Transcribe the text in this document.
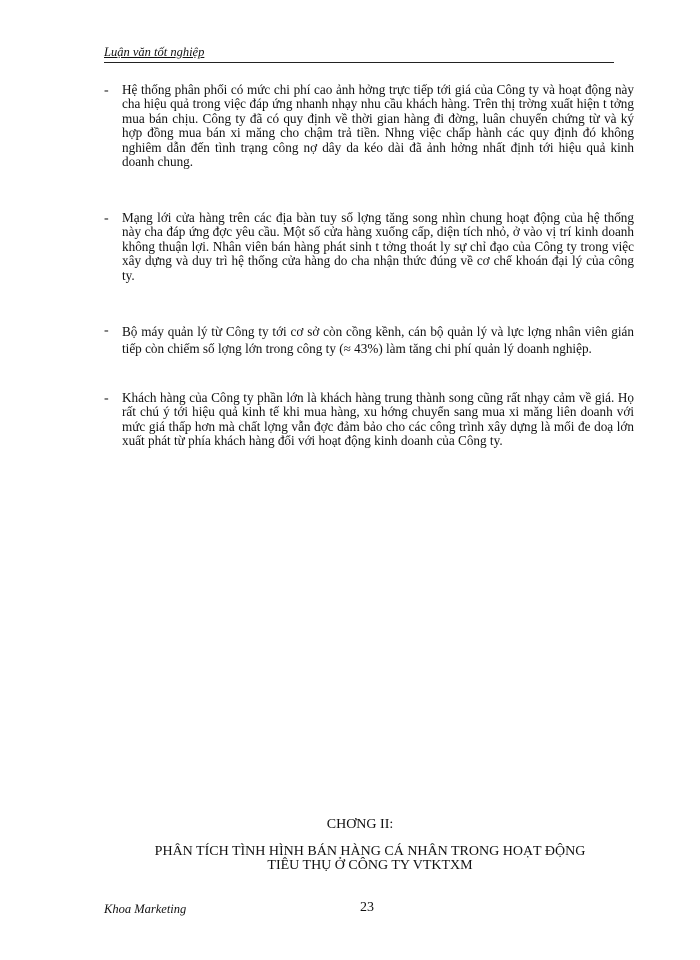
Luận văn tốt nghiệp
- Hệ thống phân phối có mức chi phí cao ảnh hởng trực tiếp tới giá của Công ty và hoạt động này cha hiệu quả trong việc đáp ứng nhanh nhạy nhu cầu khách hàng. Trên thị trờng xuất hiện t tởng mua bán chịu. Công ty đã có quy định về thời gian hàng đi đờng, luân chuyển chứng từ và ký hợp đồng mua bán xi măng cho chậm trả tiền. Nhng việc chấp hành các quy định đó không nghiêm dẫn đến tình trạng công nợ dây da kéo dài đã ảnh hởng nhất định tới hiệu quả kinh doanh chung.
- Mạng lới cửa hàng trên các địa bàn tuy số lợng tăng song nhìn chung hoạt động của hệ thống này cha đáp ứng đợc yêu cầu. Một số cửa hàng xuống cấp, diện tích nhỏ, ở vào vị trí kinh doanh không thuận lợi. Nhân viên bán hàng phát sinh t tởng thoát ly sự chỉ đạo của Công ty trong việc xây dựng và duy trì hệ thống cửa hàng do cha nhận thức đúng về cơ chế khoán đại lý của công ty.
- Bộ máy quản lý từ Công ty tới cơ sở còn cồng kềnh, cán bộ quản lý và lực lợng nhân viên gián tiếp còn chiếm số lợng lớn trong công ty (≈ 43%) làm tăng chi phí quản lý doanh nghiệp.
- Khách hàng của Công ty phần lớn là khách hàng trung thành song cũng rất nhạy cảm về giá. Họ rất chú ý tới hiệu quả kinh tế khi mua hàng, xu hớng chuyển sang mua xi măng liên doanh với mức giá thấp hơn mà chất lợng vẫn đợc đảm bảo cho các công trình xây dựng là mối đe doạ lớn xuất phát từ phía khách hàng đối với hoạt động kinh doanh của Công ty.
CHƠNG II:
PHÂN TÍCH TÌNH HÌNH BÁN HÀNG CÁ NHÂN TRONG HOẠT ĐỘNG
TIÊU THỤ Ở CÔNG TY VTKTXM
Khoa Marketing	23
